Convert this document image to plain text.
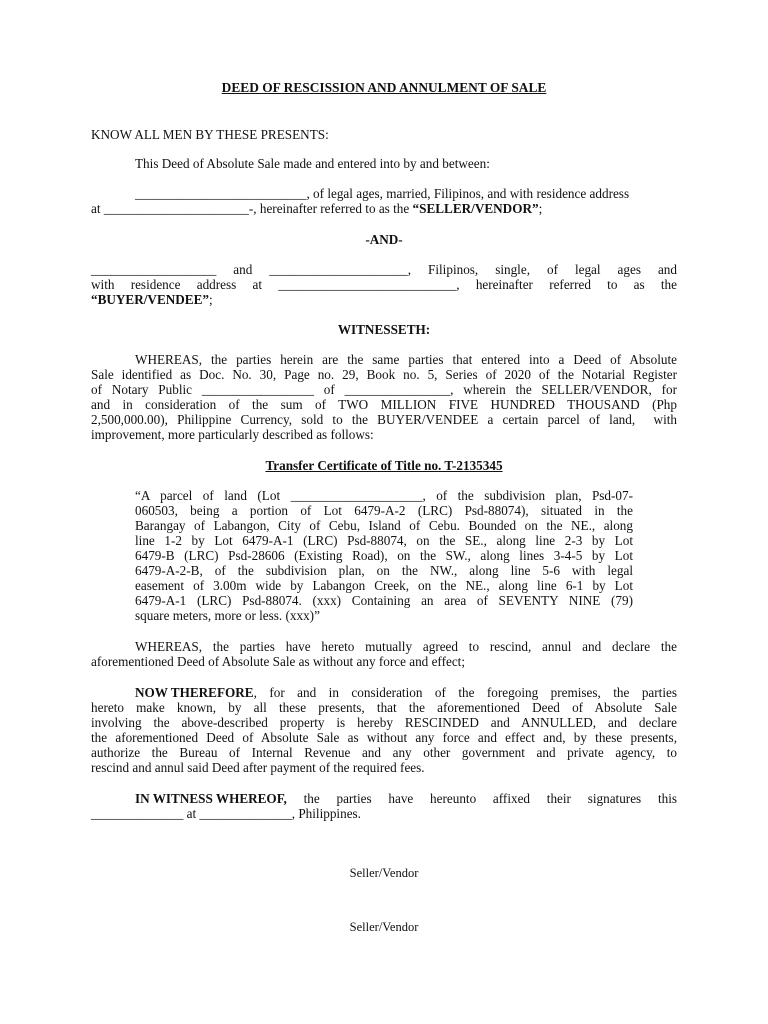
DEED OF RESCISSION AND ANNULMENT OF SALE
KNOW ALL MEN BY THESE PRESENTS:
This Deed of Absolute Sale made and entered into by and between:
__________________________, of legal ages, married, Filipinos, and with residence address
at ______________________-, hereinafter referred to as the “SELLER/VENDOR”;
-AND-
___________________  and  _____________________,  Filipinos,  single,  of  legal  ages  and
with   residence   address   at   ___________________________,   hereinafter   referred   to   as   the
“BUYER/VENDEE”;
WITNESSETH:
WHEREAS, the parties herein are the same parties that entered into a Deed of Absolute
Sale identified as Doc. No. 30, Page no. 29, Book no. 5, Series of 2020 of the Notarial Register
of Notary Public _________________ of ________________, wherein the SELLER/VENDOR, for
and in consideration of the sum of TWO MILLION FIVE HUNDRED THOUSAND (Php
2,500,000.00), Philippine Currency, sold to the BUYER/VENDEE a certain parcel of land,  with
improvement, more particularly described as follows:
Transfer Certificate of Title no. T-2135345
“A parcel of land (Lot ____________________, of the subdivision plan, Psd-07-
060503, being a portion of Lot 6479-A-2 (LRC) Psd-88074), situated in the
Barangay of Labangon, City of Cebu, Island of Cebu. Bounded on the NE., along
line 1-2 by Lot 6479-A-1 (LRC) Psd-88074, on the SE., along line 2-3 by Lot
6479-B (LRC) Psd-28606 (Existing Road), on the SW., along lines 3-4-5 by Lot
6479-A-2-B, of the subdivision plan, on the NW., along line 5-6 with legal
easement of 3.00m wide by Labangon Creek, on the NE., along line 6-1 by Lot
6479-A-1 (LRC) Psd-88074. (xxx) Containing an area of SEVENTY NINE (79)
square meters, more or less. (xxx)”
WHEREAS, the parties have hereto mutually agreed to rescind, annul and declare the
aforementioned Deed of Absolute Sale as without any force and effect;
NOW THEREFORE , for and in consideration of the foregoing premises, the parties
hereto make known, by all these presents, that the aforementioned Deed of Absolute Sale
involving the above-described property is hereby RESCINDED and ANNULLED, and declare
the aforementioned Deed of Absolute Sale as without any force and effect and, by these presents,
authorize the Bureau of Internal Revenue and any other government and private agency, to
rescind and annul said Deed after payment of the required fees.
IN WITNESS WHEREOF, the parties have hereunto affixed their signatures this
______________ at ______________, Philippines.
Seller/Vendor
Seller/Vendor
